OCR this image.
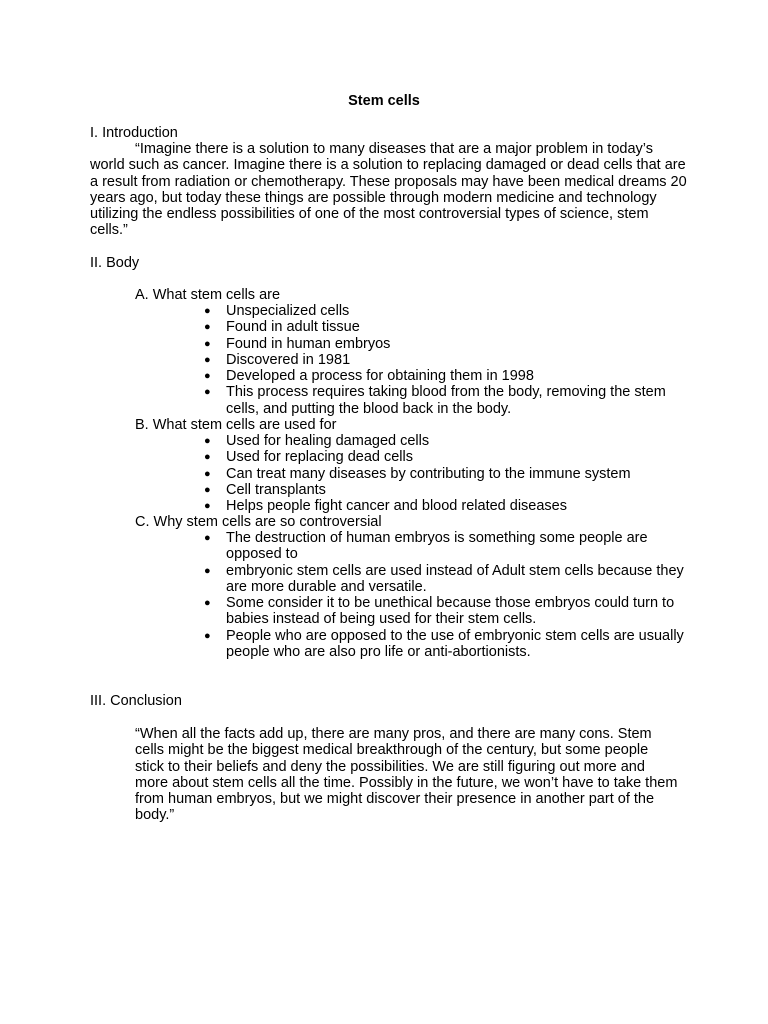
Stem cells
I. Introduction
“Imagine there is a solution to many diseases that are a major problem in today’s world such as cancer. Imagine there is a solution to replacing damaged or dead cells that are a result from radiation or chemotherapy. These proposals may have been medical dreams 20 years ago, but today these things are possible through modern medicine and technology utilizing the endless possibilities of one of the most controversial types of science, stem cells.”
II. Body
A. What stem cells are
● Unspecialized cells
● Found in adult tissue
● Found in human embryos
● Discovered in 1981
● Developed a process for obtaining them in 1998
● This process requires taking blood from the body, removing the stem cells, and putting the blood back in the body.
B. What stem cells are used for
● Used for healing damaged cells
● Used for replacing dead cells
● Can treat many diseases by contributing to the immune system
● Cell transplants
● Helps people fight cancer and blood related diseases
C. Why stem cells are so controversial
● The destruction of human embryos is something some people are opposed to
● embryonic stem cells are used instead of Adult stem cells because they are more durable and versatile.
● Some consider it to be unethical because those embryos could turn to babies instead of being used for their stem cells.
● People who are opposed to the use of embryonic stem cells are usually people who are also pro life or anti-abortionists.
III. Conclusion
“When all the facts add up, there are many pros, and there are many cons. Stem cells might be the biggest medical breakthrough of the century, but some people stick to their beliefs and deny the possibilities. We are still figuring out more and more about stem cells all the time. Possibly in the future, we won’t have to take them from human embryos, but we might discover their presence in another part of the body.”
